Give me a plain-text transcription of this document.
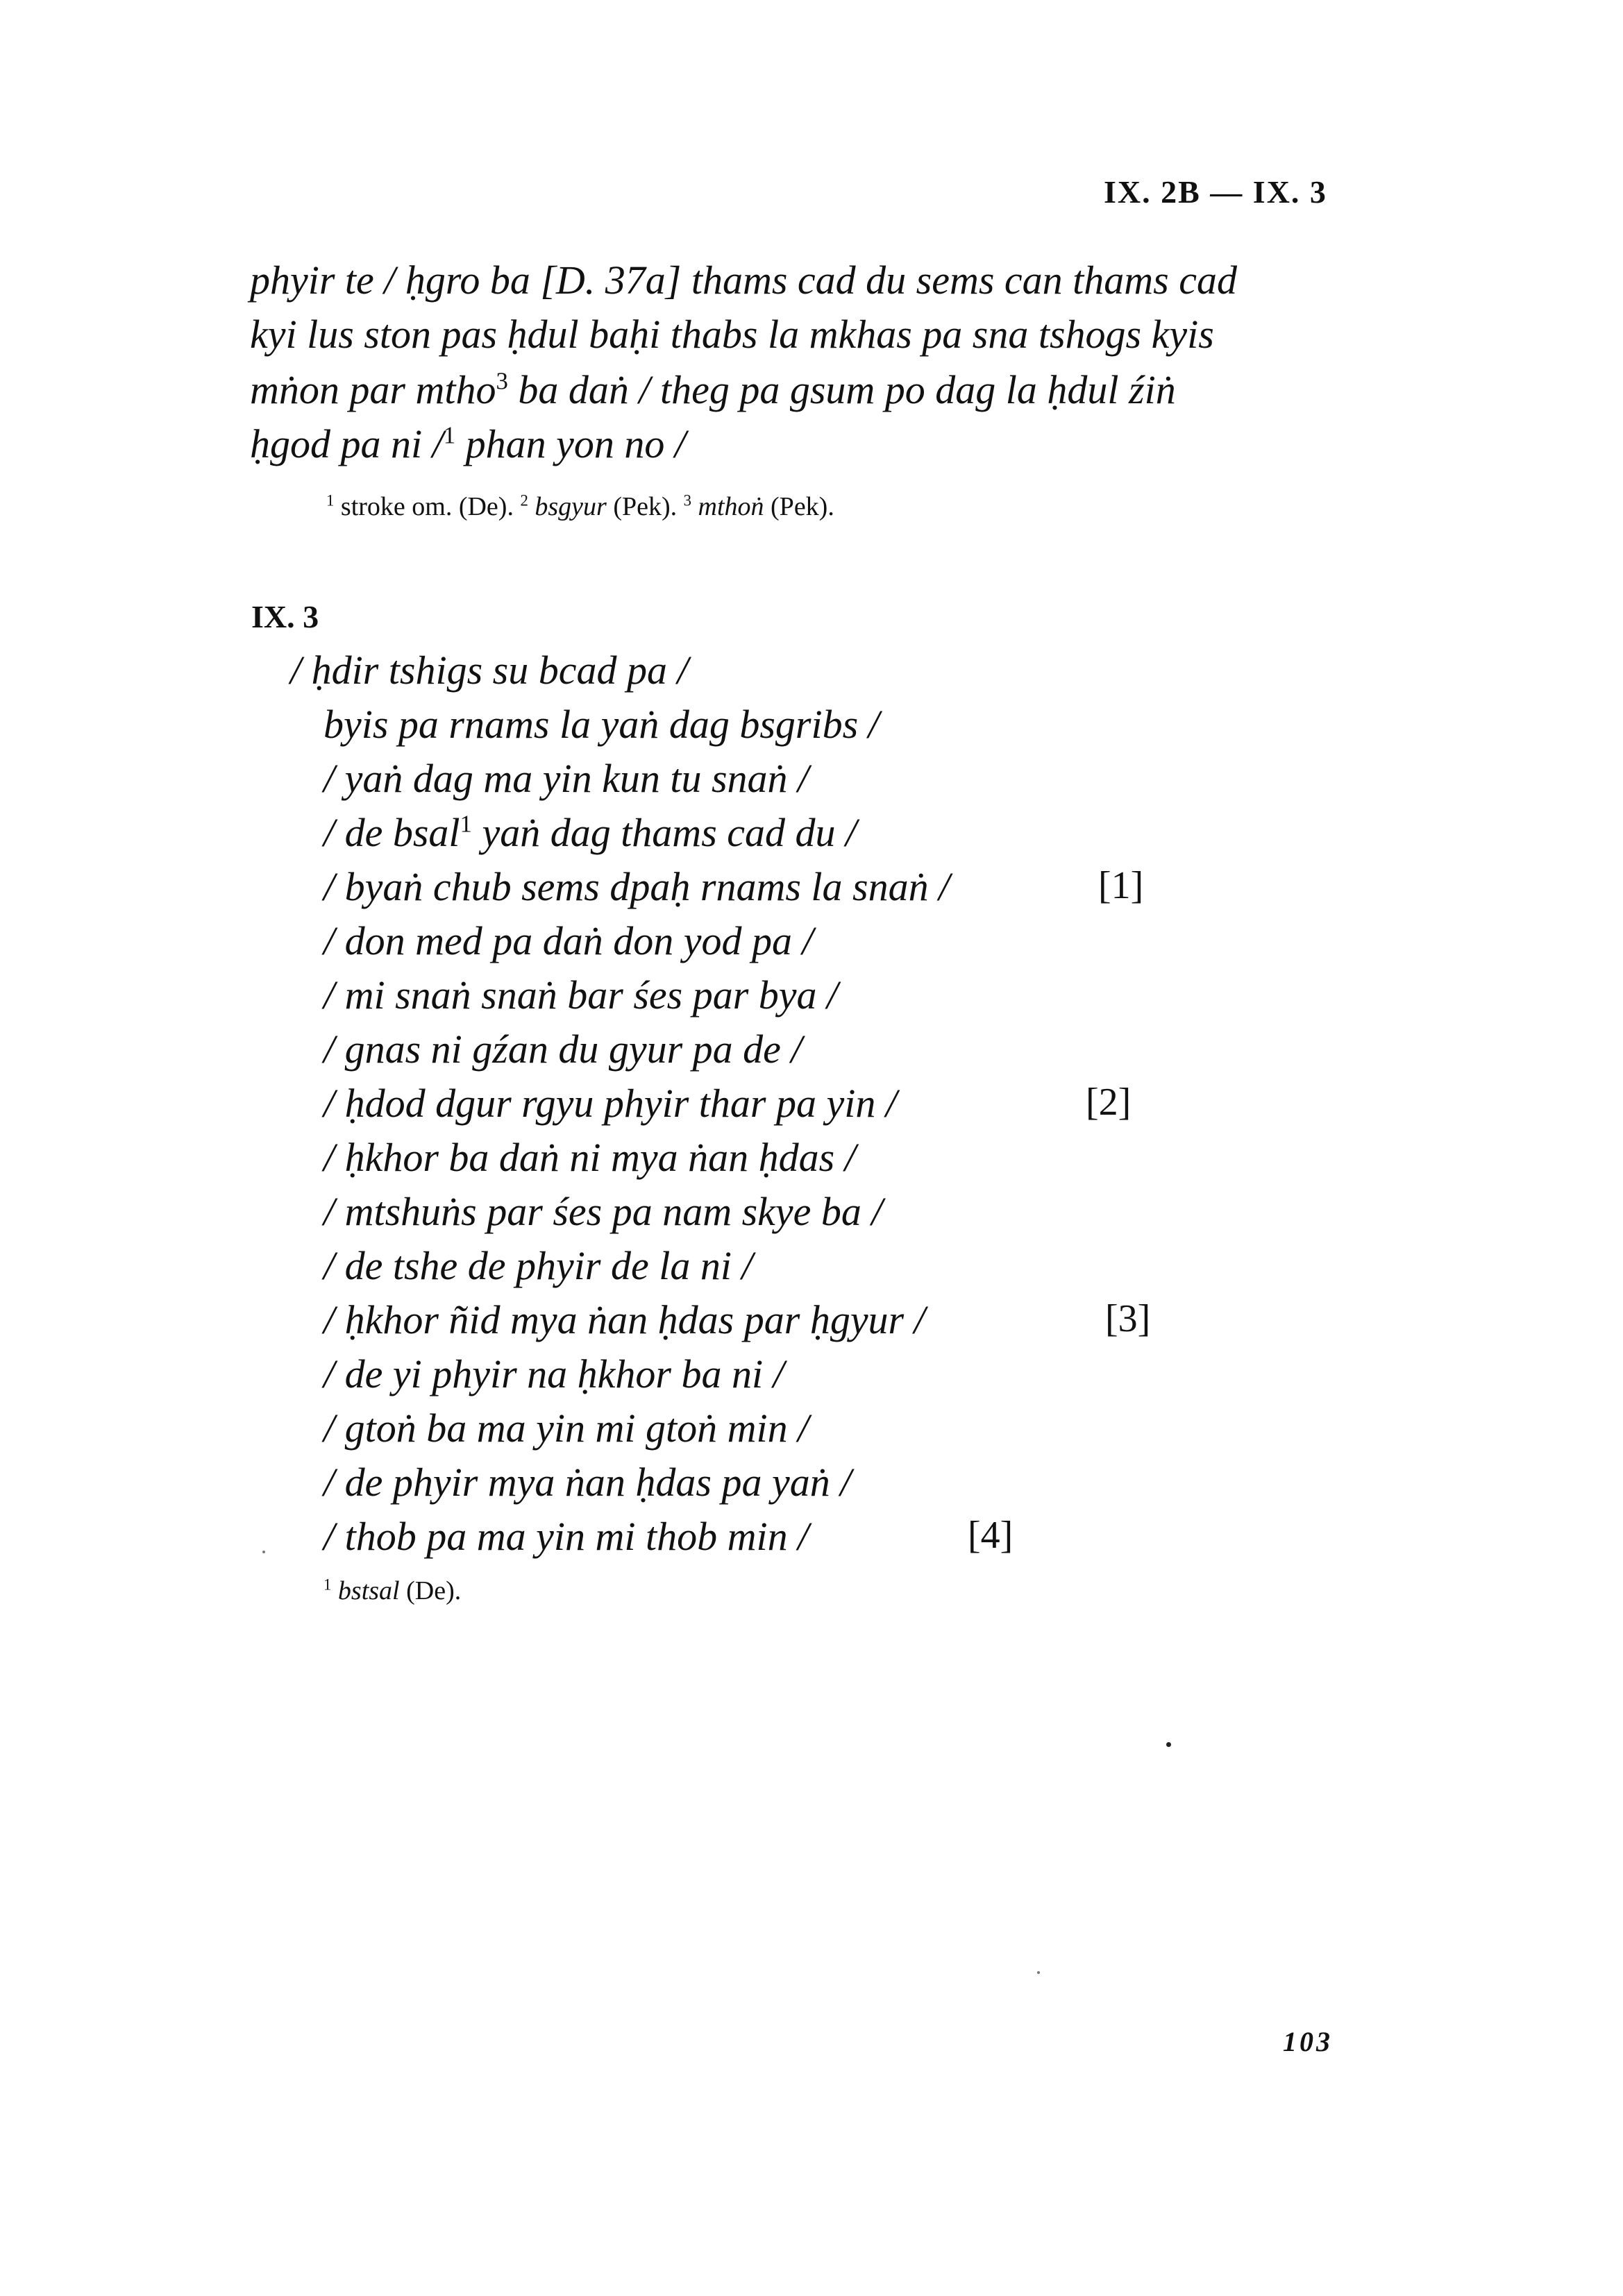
IX. 2B — IX. 3
phyir te / ḥgro ba [D. 37a] thams cad du sems can thams cad
kyi lus ston pas ḥdul baḥi thabs la mkhas pa sna tshogs kyis
mṅon par mtho$^3$ ba daṅ / theg pa gsum po dag la ḥdul źiṅ
ḥgod pa ni /$^1$ phan yon no /
$^1$ stroke om. (De). $^2$ bsgyur (Pek). $^3$ mthoṅ (Pek).
IX. 3
/ ḥdir tshigs su bcad pa /
byis pa rnams la yaṅ dag bsgribs /
/ yaṅ dag ma yin kun tu snaṅ /
/ de bsal$^1$ yaṅ dag thams cad du /
/ byaṅ chub sems dpaḥ rnams la snaṅ /	[1]
/ don med pa daṅ don yod pa /
/ mi snaṅ snaṅ bar śes par bya /
/ gnas ni gźan du gyur pa de /
/ ḥdod dgur rgyu phyir thar pa yin /	[2]
/ ḥkhor ba daṅ ni mya ṅan ḥdas /
/ mtshuṅs par śes pa nam skye ba /
/ de tshe de phyir de la ni /
/ ḥkhor ñid mya ṅan ḥdas par ḥgyur /	[3]
/ de yi phyir na ḥkhor ba ni /
/ gtoṅ ba ma yin mi gtoṅ min /
/ de phyir mya ṅan ḥdas pa yaṅ /
/ thob pa ma yin mi thob min /	[4]
$^1$ bstsal (De).
103
